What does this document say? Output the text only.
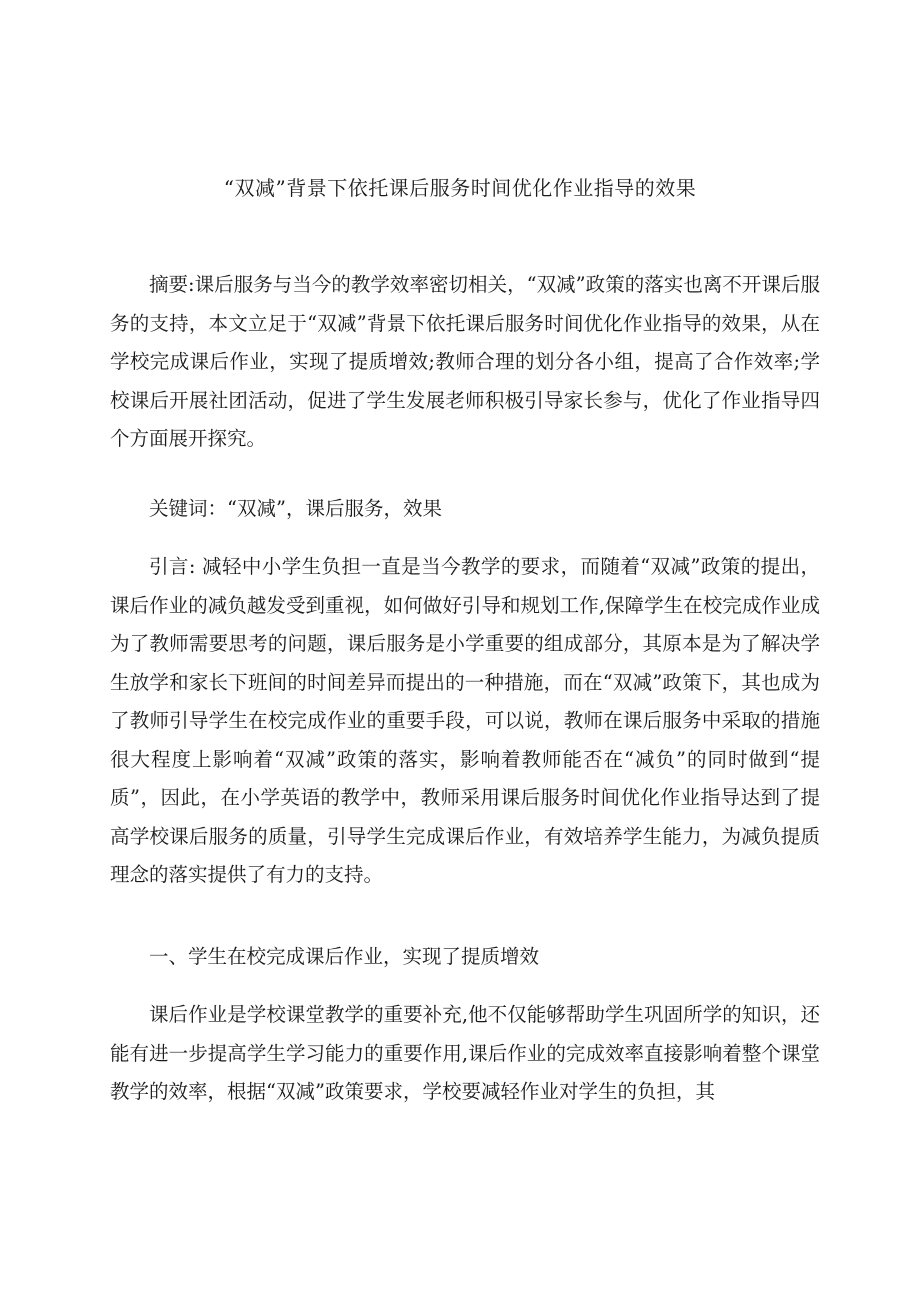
“双减”背景下依托课后服务时间优化作业指导的效果
摘要:课后服务与当今的教学效率密切相关，“双减”政策的落实也离不开课后服务的支持，本文立足于“双减”背景下依托课后服务时间优化作业指导的效果，从在学校完成课后作业，实现了提质增效;教师合理的划分各小组，提高了合作效率;学校课后开展社团活动，促进了学生发展老师积极引导家长参与，优化了作业指导四个方面展开探究。
关键词：“双减”，课后服务，效果
引言: 减轻中小学生负担一直是当今教学的要求，而随着“双减”政策的提出，课后作业的减负越发受到重视，如何做好引导和规划工作,保障学生在校完成作业成为了教师需要思考的问题，课后服务是小学重要的组成部分，其原本是为了解决学生放学和家长下班间的时间差异而提出的一种措施，而在“双减”政策下，其也成为了教师引导学生在校完成作业的重要手段，可以说，教师在课后服务中采取的措施很大程度上影响着“双减”政策的落实，影响着教师能否在“减负”的同时做到“提质”，因此，在小学英语的教学中，教师采用课后服务时间优化作业指导达到了提高学校课后服务的质量，引导学生完成课后作业，有效培养学生能力，为减负提质理念的落实提供了有力的支持。
一、学生在校完成课后作业，实现了提质增效
课后作业是学校课堂教学的重要补充,他不仅能够帮助学生巩固所学的知识，还能有进一步提高学生学习能力的重要作用,课后作业的完成效率直接影响着整个课堂教学的效率，根据“双减”政策要求，学校要减轻作业对学生的负担，其
